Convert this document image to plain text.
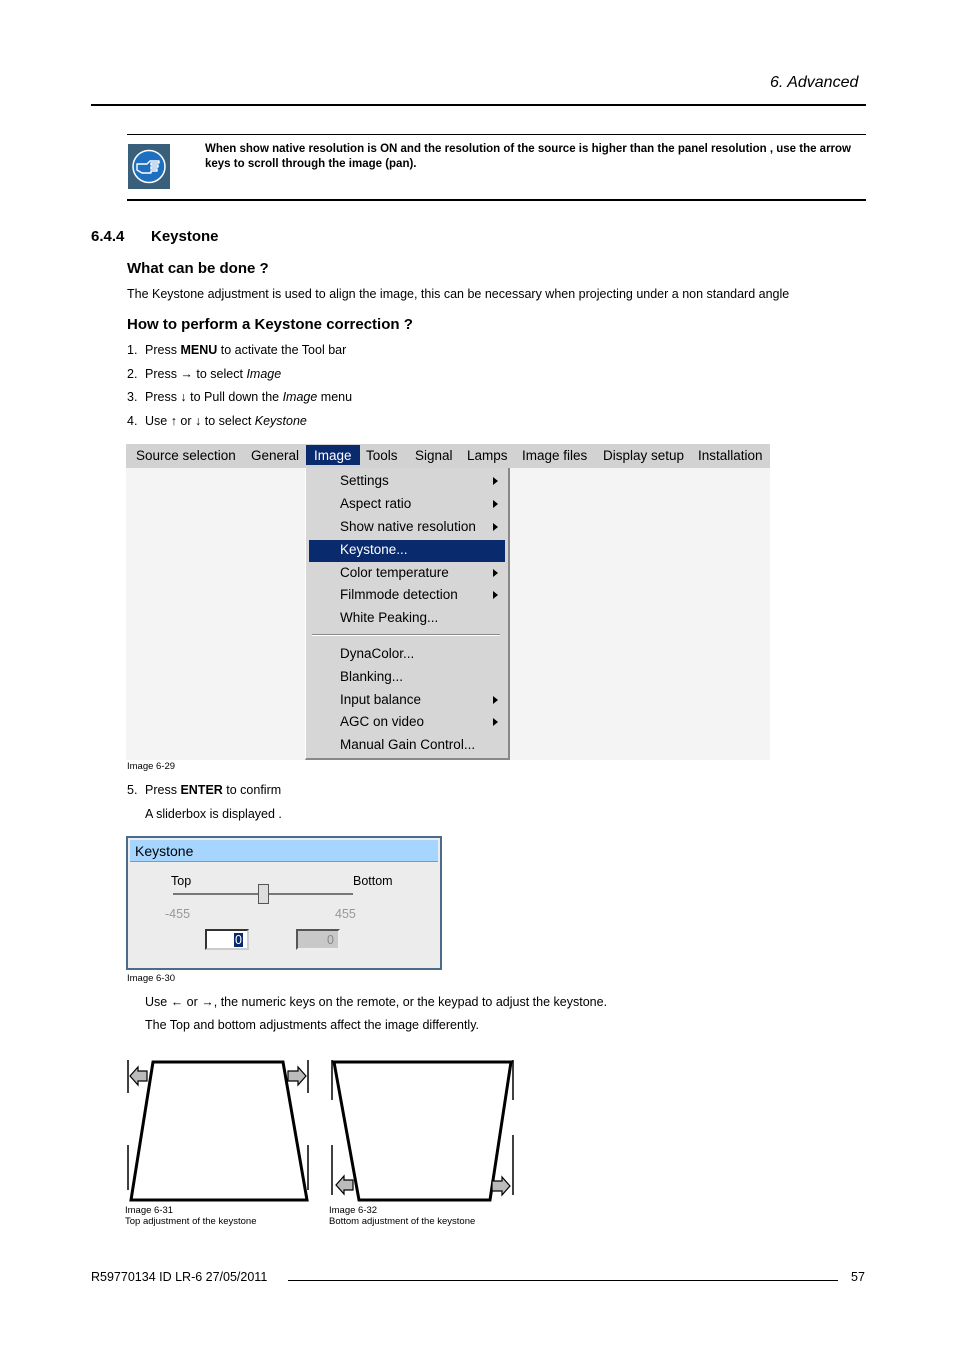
6. Advanced
When show native resolution is ON and the resolution of the source is higher than the panel resolution , use the arrow keys to scroll through the image (pan).
6.4.4 Keystone
What can be done ?
The Keystone adjustment is used to align the image, this can be necessary when projecting under a non standard angle
How to perform a Keystone correction ?
1. Press MENU to activate the Tool bar
2. Press → to select Image
3. Press ↓ to Pull down the Image menu
4. Use ↑ or ↓ to select Keystone
Source selection General	Image	Tools Signal Lamps Image files Display setup Installation
Settings
Aspect ratio
Show native resolution
Keystone...
Color temperature
Filmmode detection
White Peaking...
DynaColor...
Blanking...
Input balance
AGC on video
Manual Gain Control...
Image 6-29
5. Press ENTER to confirm
A sliderbox is displayed .
Keystone
Top	Bottom
-455	455
0	0
Image 6-30
Use ← or →, the numeric keys on the remote, or the keypad to adjust the keystone.
The Top and bottom adjustments affect the image differently.
Image 6-31
Top adjustment of the keystone
Image 6-32
Bottom adjustment of the keystone
R59770134 ID LR-6 27/05/2011	57
